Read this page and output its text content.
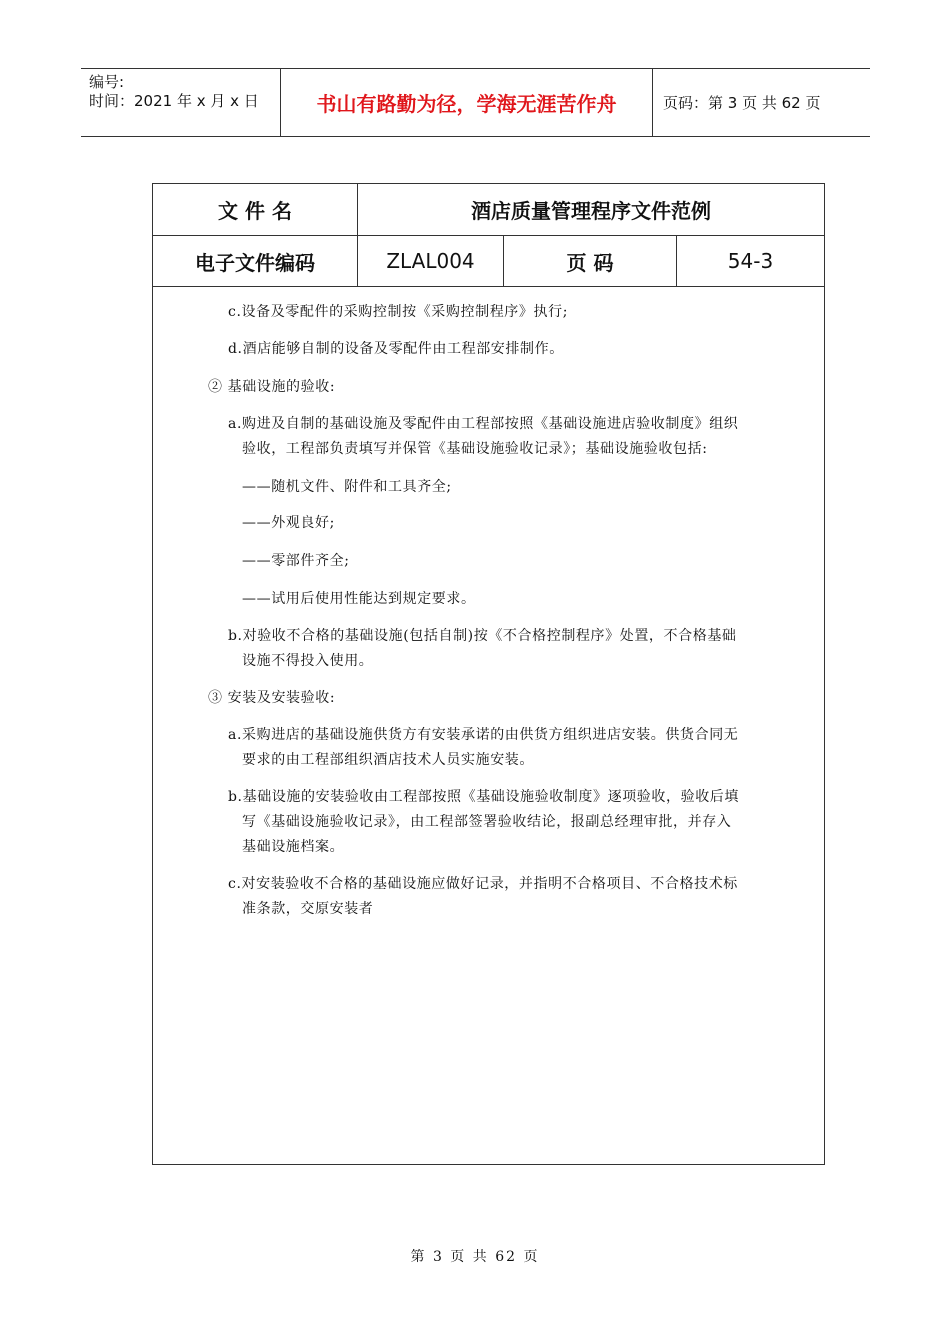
编号:
时间：2021 年 x 月 x 日	书山有路勤为径，学海无涯苦作舟	页码：第 3 页 共 62 页
文 件 名	酒店质量管理程序文件范例
电子文件编码	ZLAL004	页 码	54-3
c.设备及零配件的采购控制按《采购控制程序》执行;
d.酒店能够自制的设备及零配件由工程部安排制作。
② 基础设施的验收:
a.购进及自制的基础设施及零配件由工程部按照《基础设施进店验收制度》组织
验收，工程部负责填写并保管《基础设施验收记录》；基础设施验收包括:
——随机文件、附件和工具齐全;
——外观良好;
——零部件齐全;
——试用后使用性能达到规定要求。
b.对验收不合格的基础设施(包括自制)按《不合格控制程序》处置，不合格基础
设施不得投入使用。
③ 安装及安装验收:
a.采购进店的基础设施供货方有安装承诺的由供货方组织进店安装。供货合同无
要求的由工程部组织酒店技术人员实施安装。
b.基础设施的安装验收由工程部按照《基础设施验收制度》逐项验收，验收后填
写《基础设施验收记录》，由工程部签署验收结论，报副总经理审批，并存入
基础设施档案。
c.对安装验收不合格的基础设施应做好记录，并指明不合格项目、不合格技术标
准条款，交原安装者
第 3 页 共 62 页
